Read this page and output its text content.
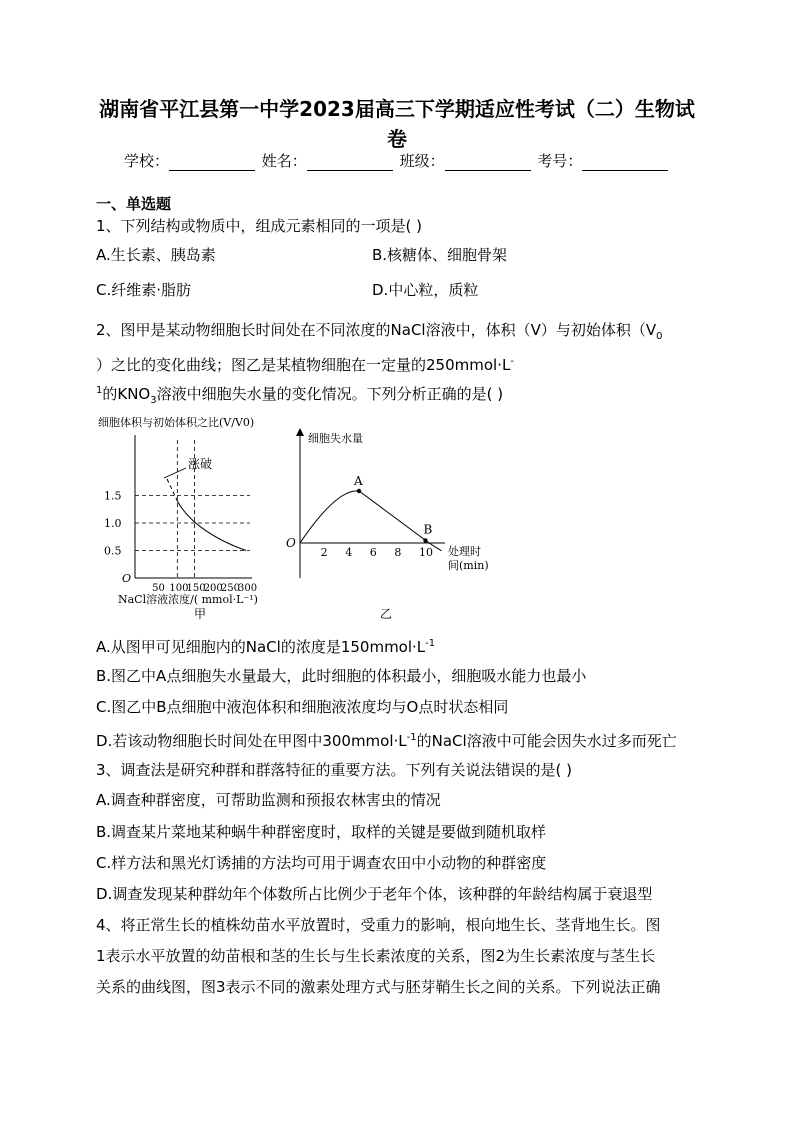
湖南省平江县第一中学2023届高三下学期适应性考试（二）生物试卷
学校：	姓名：	班级：	考号：
一、单选题
1、下列结构或物质中，组成元素相同的一项是( )
A.生长素、胰岛素	B.核糖体、细胞骨架
C.纤维素·脂肪	D.中心粒，质粒
2、图甲是某动物细胞长时间处在不同浓度的NaCl溶液中，体积（V）与初始体积（$V_0$
）之比的变化曲线；图乙是某植物细胞在一定量的250mmol·L-
$^1$的$KNO_3$溶液中细胞失水量的变化情况。下列分析正确的是( )
细胞体积与初始体积之比(V/V0)
O
0.5
1.0
1.5
50 100
150
200
250
300
涨破
NaCl溶液浓度/( mmol·L⁻¹)
甲
细胞失水量
O
2 4 6 8 10
A
B
处理时
间(min)
乙
A.从图甲可见细胞内的NaCl的浓度是$150mmol\cdot L^{-1}$
B.图乙中A点细胞失水量最大，此时细胞的体积最小，细胞吸水能力也最小
C.图乙中B点细胞中液泡体积和细胞液浓度均与O点时状态相同
D.若该动物细胞长时间处在甲图中$300mmol\cdot L^{-1}$的NaCl溶液中可能会因失水过多而死亡
3、调查法是研究种群和群落特征的重要方法。下列有关说法错误的是( )
A.调查种群密度，可帮助监测和预报农林害虫的情况
B.调查某片菜地某种蜗牛种群密度时，取样的关键是要做到随机取样
C.样方法和黑光灯诱捕的方法均可用于调查农田中小动物的种群密度
D.调查发现某种群幼年个体数所占比例少于老年个体，该种群的年龄结构属于衰退型
4、将正常生长的植株幼苗水平放置时，受重力的影响，根向地生长、茎背地生长。图
1表示水平放置的幼苗根和茎的生长与生长素浓度的关系，图2为生长素浓度与茎生长
关系的曲线图，图3表示不同的激素处理方式与胚芽鞘生长之间的关系。下列说法正确
